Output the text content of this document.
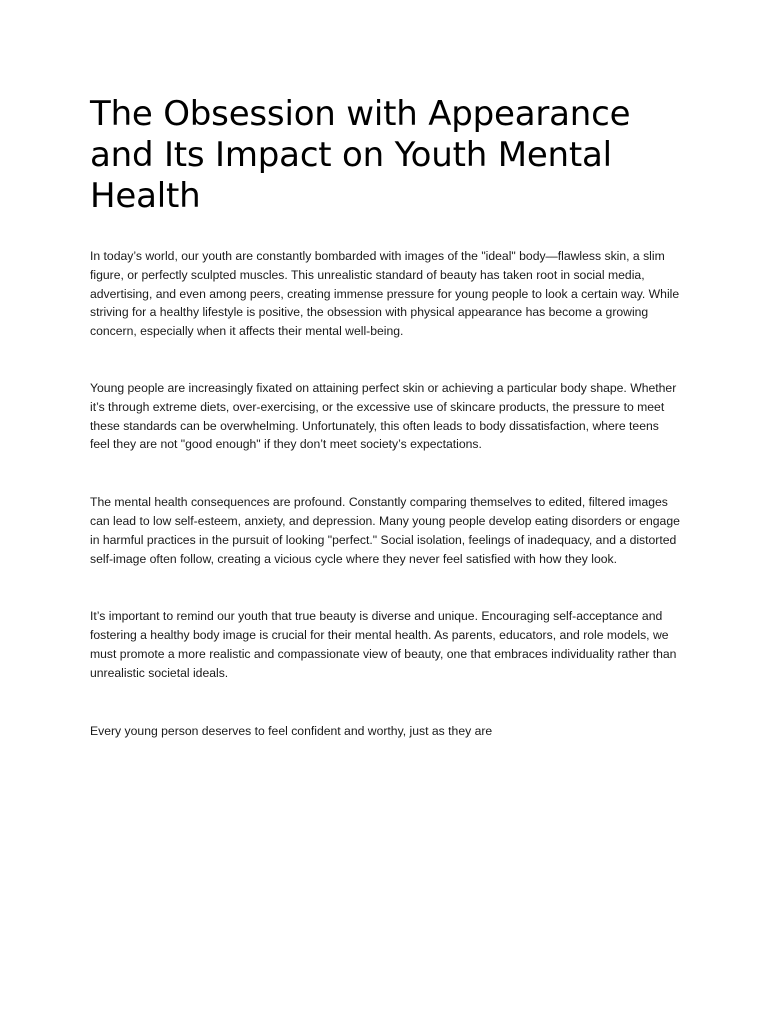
The Obsession with Appearance and Its Impact on Youth Mental Health

In today’s world, our youth are constantly bombarded with images of the "ideal" body—flawless skin, a slim figure, or perfectly sculpted muscles. This unrealistic standard of beauty has taken root in social media, advertising, and even among peers, creating immense pressure for young people to look a certain way. While striving for a healthy lifestyle is positive, the obsession with physical appearance has become a growing concern, especially when it affects their mental well-being.

Young people are increasingly fixated on attaining perfect skin or achieving a particular body shape. Whether it’s through extreme diets, over-exercising, or the excessive use of skincare products, the pressure to meet these standards can be overwhelming. Unfortunately, this often leads to body dissatisfaction, where teens feel they are not "good enough" if they don’t meet society’s expectations.

The mental health consequences are profound. Constantly comparing themselves to edited, filtered images can lead to low self-esteem, anxiety, and depression. Many young people develop eating disorders or engage in harmful practices in the pursuit of looking "perfect." Social isolation, feelings of inadequacy, and a distorted self-image often follow, creating a vicious cycle where they never feel satisfied with how they look.

It’s important to remind our youth that true beauty is diverse and unique. Encouraging self-acceptance and fostering a healthy body image is crucial for their mental health. As parents, educators, and role models, we must promote a more realistic and compassionate view of beauty, one that embraces individuality rather than unrealistic societal ideals.

Every young person deserves to feel confident and worthy, just as they are
